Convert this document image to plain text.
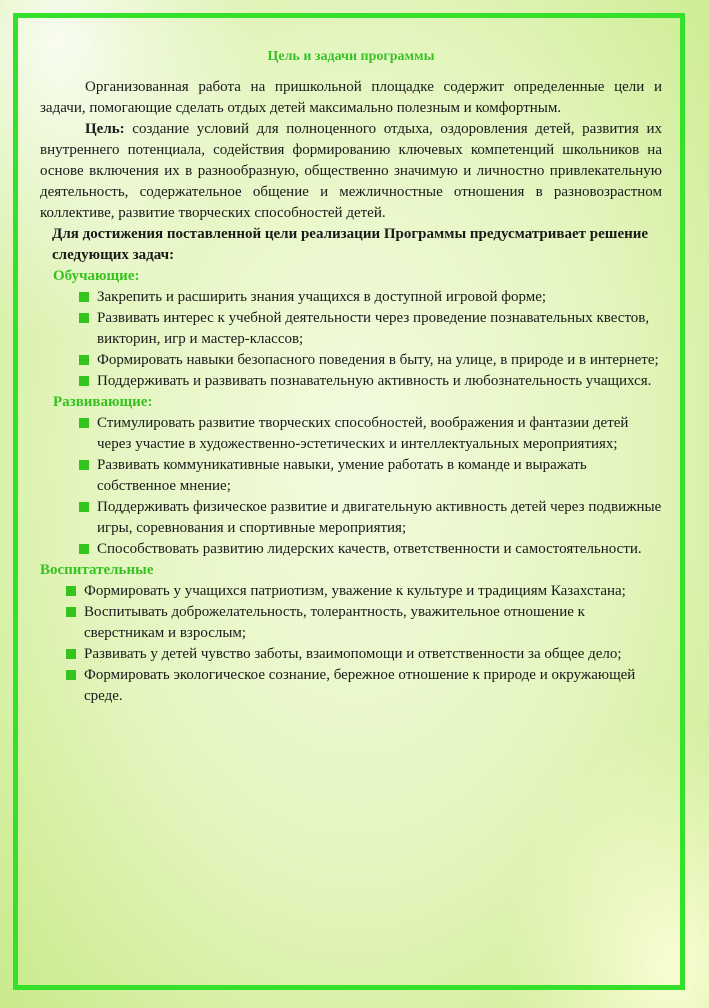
Цель и задачи программы

Организованная работа на пришкольной площадке содержит определенные цели и задачи, помогающие сделать отдых детей максимально полезным и комфортным.

Цель: создание условий для полноценного отдыха, оздоровления детей, развития их внутреннего потенциала, содействия формированию ключевых компетенций школьников на основе включения их в разнообразную, общественно значимую и личностно привлекательную деятельность, содержательное общение и межличностные отношения в разновозрастном коллективе, развитие творческих способностей детей.

Для достижения поставленной цели реализации Программы предусматривает решение следующих задач:

Обучающие:
Закрепить и расширить знания учащихся в доступной игровой форме;
Развивать интерес к учебной деятельности через проведение познавательных квестов, викторин, игр и мастер-классов;
Формировать навыки безопасного поведения в быту, на улице, в природе и в интернете;
Поддерживать и развивать познавательную активность и любознательность учащихся.
Развивающие:
Стимулировать развитие творческих способностей, воображения и фантазии детей через участие в художественно-эстетических и интеллектуальных мероприятиях;
Развивать коммуникативные навыки, умение работать в команде и выражать собственное мнение;
Поддерживать физическое развитие и двигательную активность детей через подвижные игры, соревнования и спортивные мероприятия;
Способствовать развитию лидерских качеств, ответственности и самостоятельности.
Воспитательные
Формировать у учащихся патриотизм, уважение к культуре и традициям Казахстана;
Воспитывать доброжелательность, толерантность, уважительное отношение к сверстникам и взрослым;
Развивать у детей чувство заботы, взаимопомощи и ответственности за общее дело;
Формировать экологическое сознание, бережное отношение к природе и окружающей среде.
